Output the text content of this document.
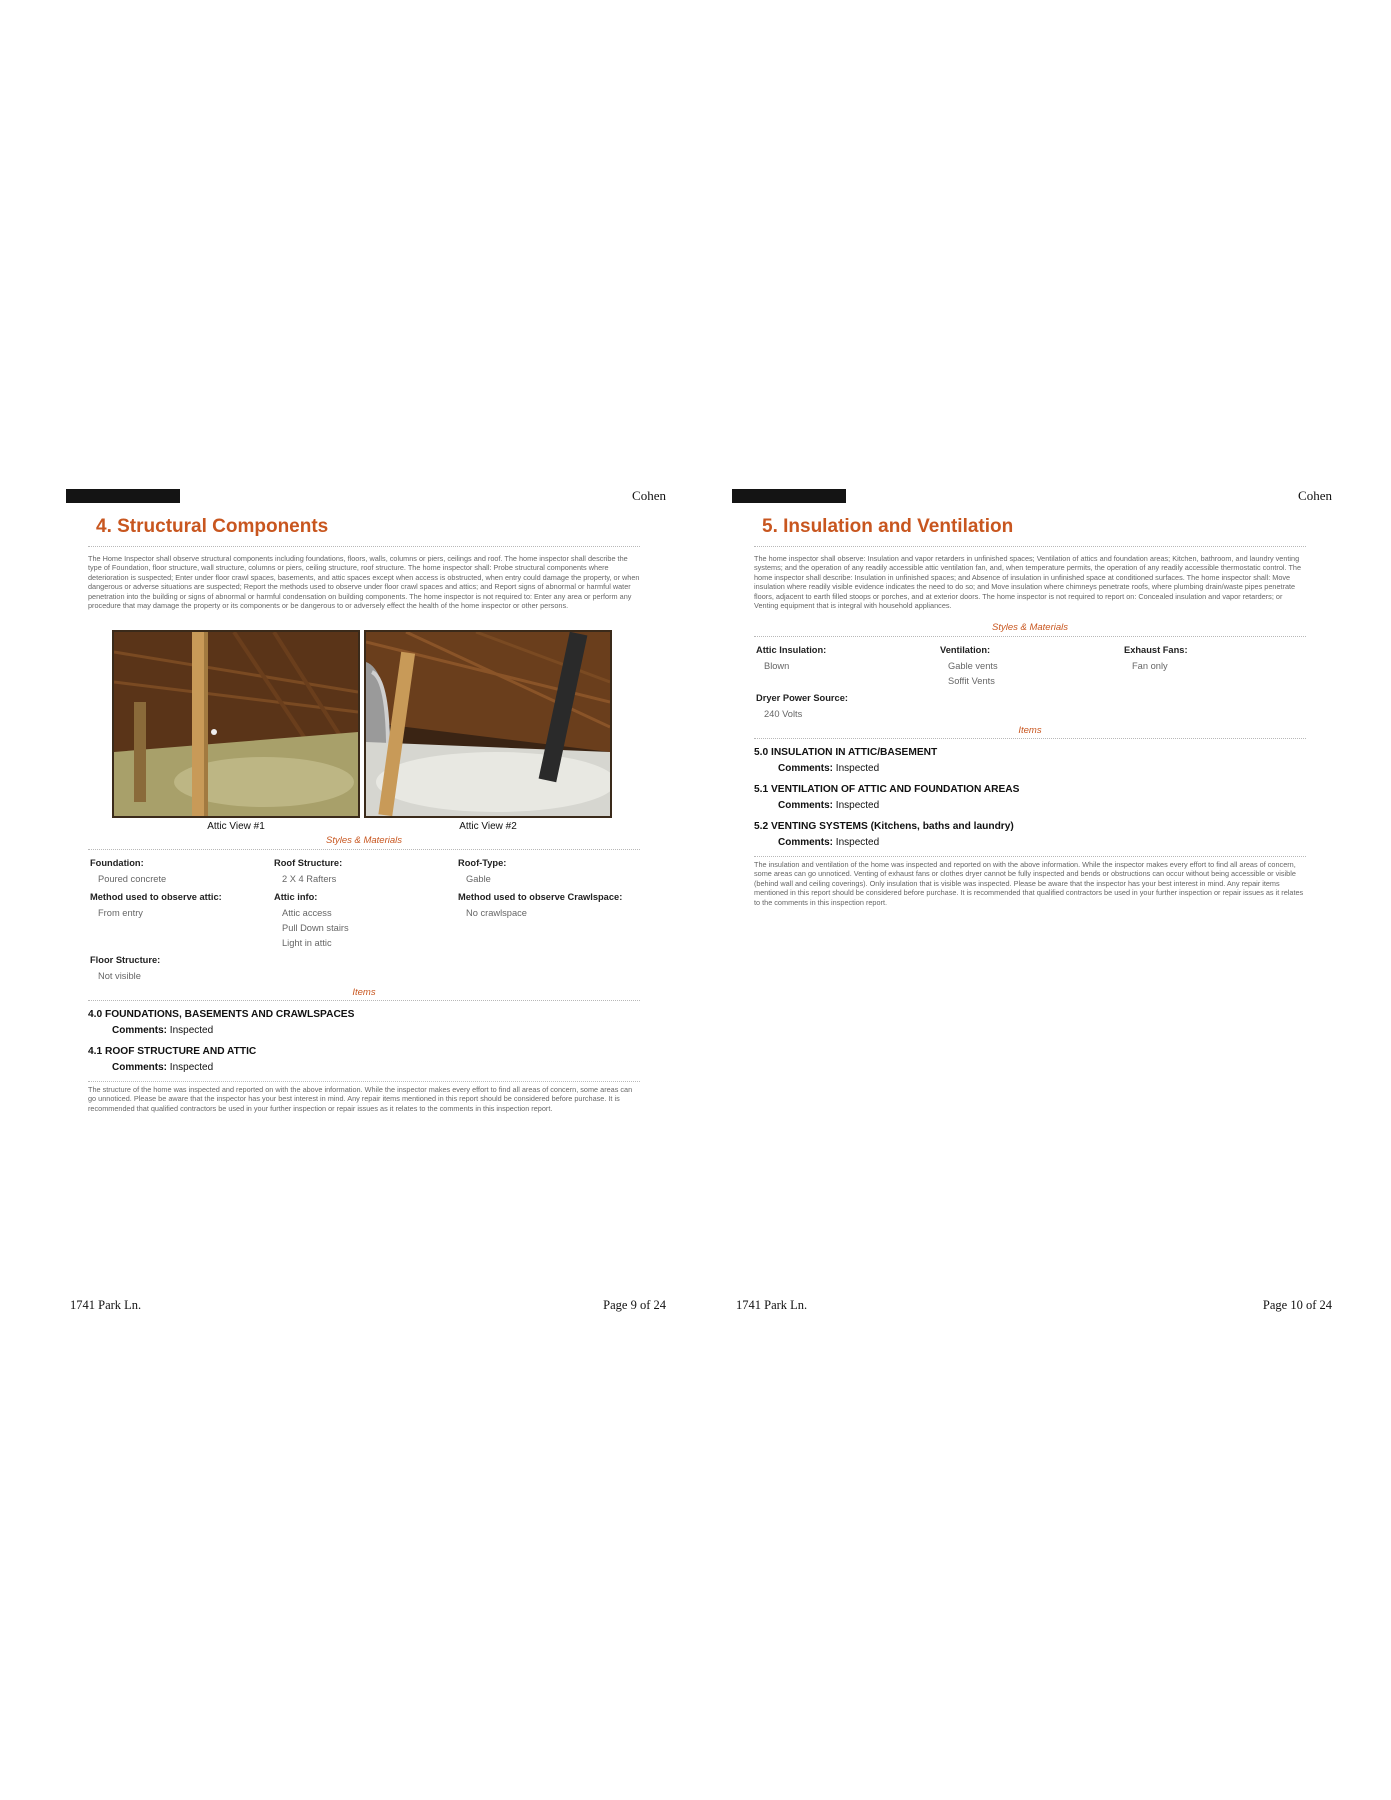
Cohen
4. Structural Components

The Home Inspector shall observe structural components including foundations, floors, walls, columns or piers, ceilings and roof. The home inspector shall describe the type of Foundation, floor structure, wall structure, columns or piers, ceiling structure, roof structure. The home inspector shall: Probe structural components where deterioration is suspected; Enter under floor crawl spaces, basements, and attic spaces except when access is obstructed, when entry could damage the property, or when dangerous or adverse situations are suspected; Report the methods used to observe under floor crawl spaces and attics; and Report signs of abnormal or harmful water penetration into the building or signs of abnormal or harmful condensation on building components. The home inspector is not required to: Enter any area or perform any procedure that may damage the property or its components or be dangerous to or adversely effect the health of the home inspector or other persons.

Attic View #1	Attic View #2
Styles & Materials
Foundation:
Poured concrete
Roof Structure:
2 X 4 Rafters
Roof-Type:
Gable
Method used to observe attic:
From entry
Attic info:
Attic access
Pull Down stairs
Light in attic
Method used to observe Crawlspace:
No crawlspace
Floor Structure:
Not visible
Items
4.0 FOUNDATIONS, BASEMENTS AND CRAWLSPACES
Comments: Inspected
4.1 ROOF STRUCTURE AND ATTIC
Comments: Inspected

The structure of the home was inspected and reported on with the above information. While the inspector makes every effort to find all areas of concern, some areas can go unnoticed. Please be aware that the inspector has your best interest in mind. Any repair items mentioned in this report should be considered before purchase. It is recommended that qualified contractors be used in your further inspection or repair issues as it relates to the comments in this inspection report.

1741 Park Ln.	Page 9 of 24
Cohen
5. Insulation and Ventilation

The home inspector shall observe: Insulation and vapor retarders in unfinished spaces; Ventilation of attics and foundation areas; Kitchen, bathroom, and laundry venting systems; and the operation of any readily accessible attic ventilation fan, and, when temperature permits, the operation of any readily accessible thermostatic control. The home inspector shall describe: Insulation in unfinished spaces; and Absence of insulation in unfinished space at conditioned surfaces. The home inspector shall: Move insulation where readily visible evidence indicates the need to do so; and Move insulation where chimneys penetrate roofs, where plumbing drain/waste pipes penetrate floors, adjacent to earth filled stoops or porches, and at exterior doors. The home inspector is not required to report on: Concealed insulation and vapor retarders; or Venting equipment that is integral with household appliances.

Styles & Materials
Attic Insulation:
Blown
Ventilation:
Gable vents
Soffit Vents
Exhaust Fans:
Fan only
Dryer Power Source:
240 Volts
Items
5.0 INSULATION IN ATTIC/BASEMENT
Comments: Inspected
5.1 VENTILATION OF ATTIC AND FOUNDATION AREAS
Comments: Inspected
5.2 VENTING SYSTEMS (Kitchens, baths and laundry)
Comments: Inspected

The insulation and ventilation of the home was inspected and reported on with the above information. While the inspector makes every effort to find all areas of concern, some areas can go unnoticed. Venting of exhaust fans or clothes dryer cannot be fully inspected and bends or obstructions can occur without being accessible or visible (behind wall and ceiling coverings). Only insulation that is visible was inspected. Please be aware that the inspector has your best interest in mind. Any repair items mentioned in this report should be considered before purchase. It is recommended that qualified contractors be used in your further inspection or repair issues as it relates to the comments in this inspection report.

1741 Park Ln.	Page 10 of 24
